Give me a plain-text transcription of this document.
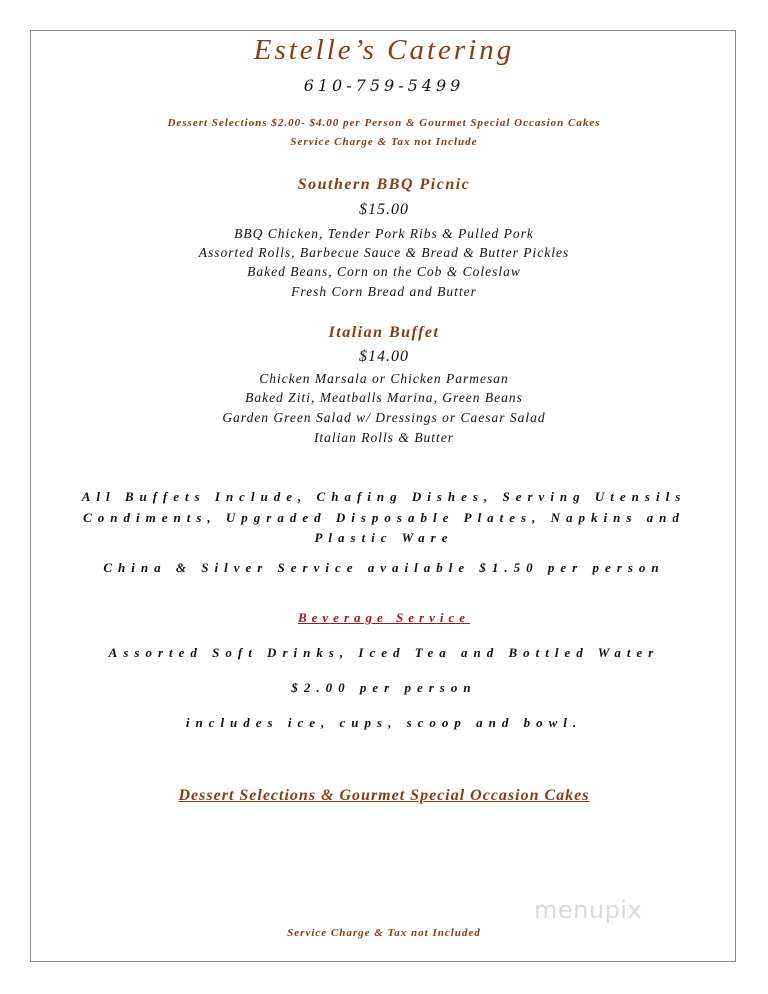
Estelle’s Catering
610-759-5499
Dessert Selections $2.00- $4.00 per Person & Gourmet Special Occasion Cakes
Service Charge & Tax not Include
Southern BBQ Picnic
$15.00
BBQ Chicken, Tender Pork Ribs & Pulled Pork
Assorted Rolls, Barbecue Sauce & Bread & Butter Pickles
Baked Beans, Corn on the Cob & Coleslaw
Fresh Corn Bread and Butter
Italian Buffet
$14.00
Chicken Marsala or Chicken Parmesan
Baked Ziti, Meatballs Marina, Green Beans
Garden Green Salad w/ Dressings or Caesar Salad
Italian Rolls & Butter
All Buffets Include, Chafing Dishes, Serving Utensils
Condiments, Upgraded Disposable Plates, Napkins and
Plastic Ware
China & Silver Service available $1.50 per person
Beverage Service
Assorted Soft Drinks, Iced Tea and Bottled Water
$2.00 per person
includes ice, cups, scoop and bowl.
Dessert Selections & Gourmet Special Occasion Cakes
Service Charge & Tax not Included
menupix
